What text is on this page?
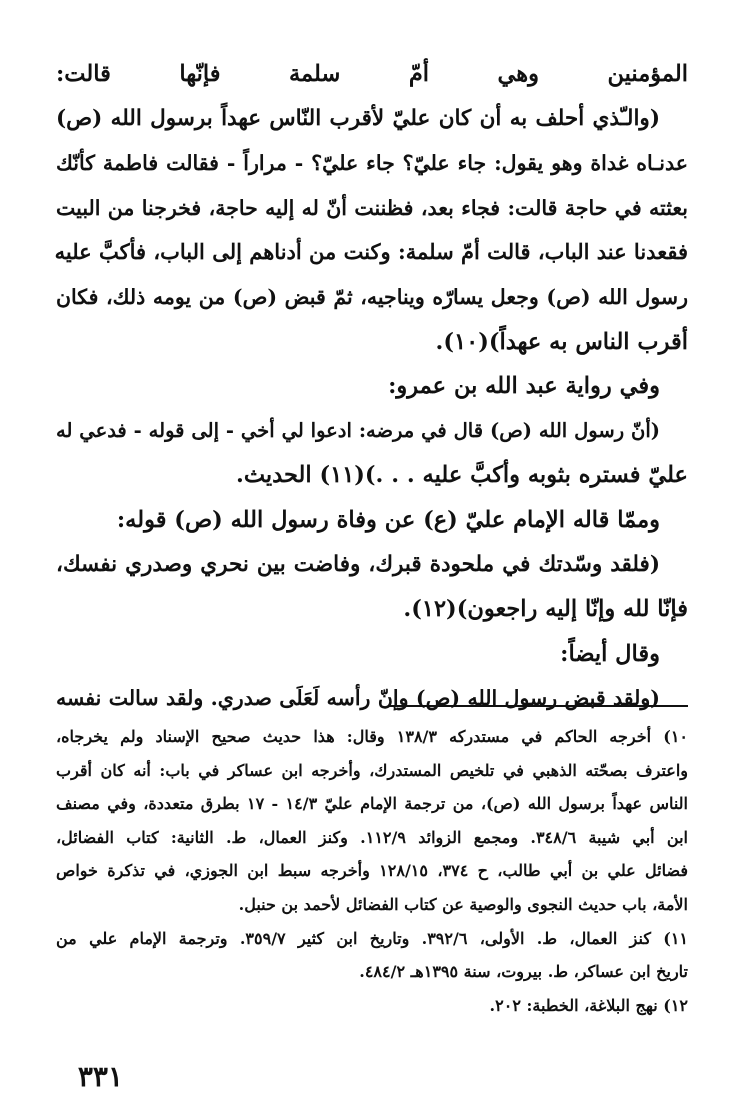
المؤمنين وهي أمّ سلمة فإنّها قالت:
(والـّذي أحلف به أن كان عليّ لأقرب النّاس عهداً برسول الله (ص)
عدنـاه غداة وهو يقول: جاء عليّ؟ جاء عليّ؟ - مراراً - فقالت فاطمة كأنّك
بعثته في حاجة قالت: فجاء بعد، فظننت أنّ له إليه حاجة، فخرجنا من البيت
فقعدنا عند الباب، قالت أمّ سلمة: وكنت من أدناهم إلى الباب، فأكبَّ عليه
رسول الله (ص) وجعل يسارّه ويناجيه، ثمّ قبض (ص) من يومه ذلك، فكان
أقرب الناس به عهداً)(١٠).
وفي رواية عبد الله بن عمرو:
(أنّ رسول الله (ص) قال في مرضه: ادعوا لي أخي - إلى قوله - فدعي له
عليّ فستره بثوبه وأكبَّ عليه . . .)(١١) الحديث.
وممّا قاله الإمام عليّ (ع) عن وفاة رسول الله (ص) قوله:
(فلقد وسّدتك في ملحودة قبرك، وفاضت بين نحري وصدري نفسك،
فإنّا لله وإنّا إليه راجعون)(١٢).
وقال أيضاً:
(ولقد قبض رسول الله (ص) وإنّ رأسه لَعَلَى صدري. ولقد سالت نفسه
١٠) أخرجه الحاكم في مستدركه ١٣٨/٣ وقال: هذا حديث صحيح الإسناد ولم يخرجاه،
واعترف بصحّته الذهبي في تلخيص المستدرك، وأخرجه ابن عساكر في باب: أنه كان أقرب
الناس عهداً برسول الله (ص)، من ترجمة الإمام عليّ ١٤/٣ - ١٧ بطرق متعددة، وفي مصنف
ابن أبي شيبة ٣٤٨/٦. ومجمع الزوائد ١١٢/٩. وكنز العمال، ط. الثانية: كتاب الفضائل،
فضائل علي بن أبي طالب، ح ٣٧٤، ١٢٨/١٥ وأخرجه سبط ابن الجوزي، في تذكرة خواص
الأمة، باب حديث النجوى والوصية عن كتاب الفضائل لأحمد بن حنبل.
١١) كنز العمال، ط. الأولى، ٣٩٢/٦. وتاريخ ابن كثير ٣٥٩/٧. وترجمة الإمام علي من
تاريخ ابن عساكر، ط. بيروت، سنة ١٣٩٥هـ ٤٨٤/٢.
١٢) نهج البلاغة، الخطبة: ٢٠٢.
٣٣١
